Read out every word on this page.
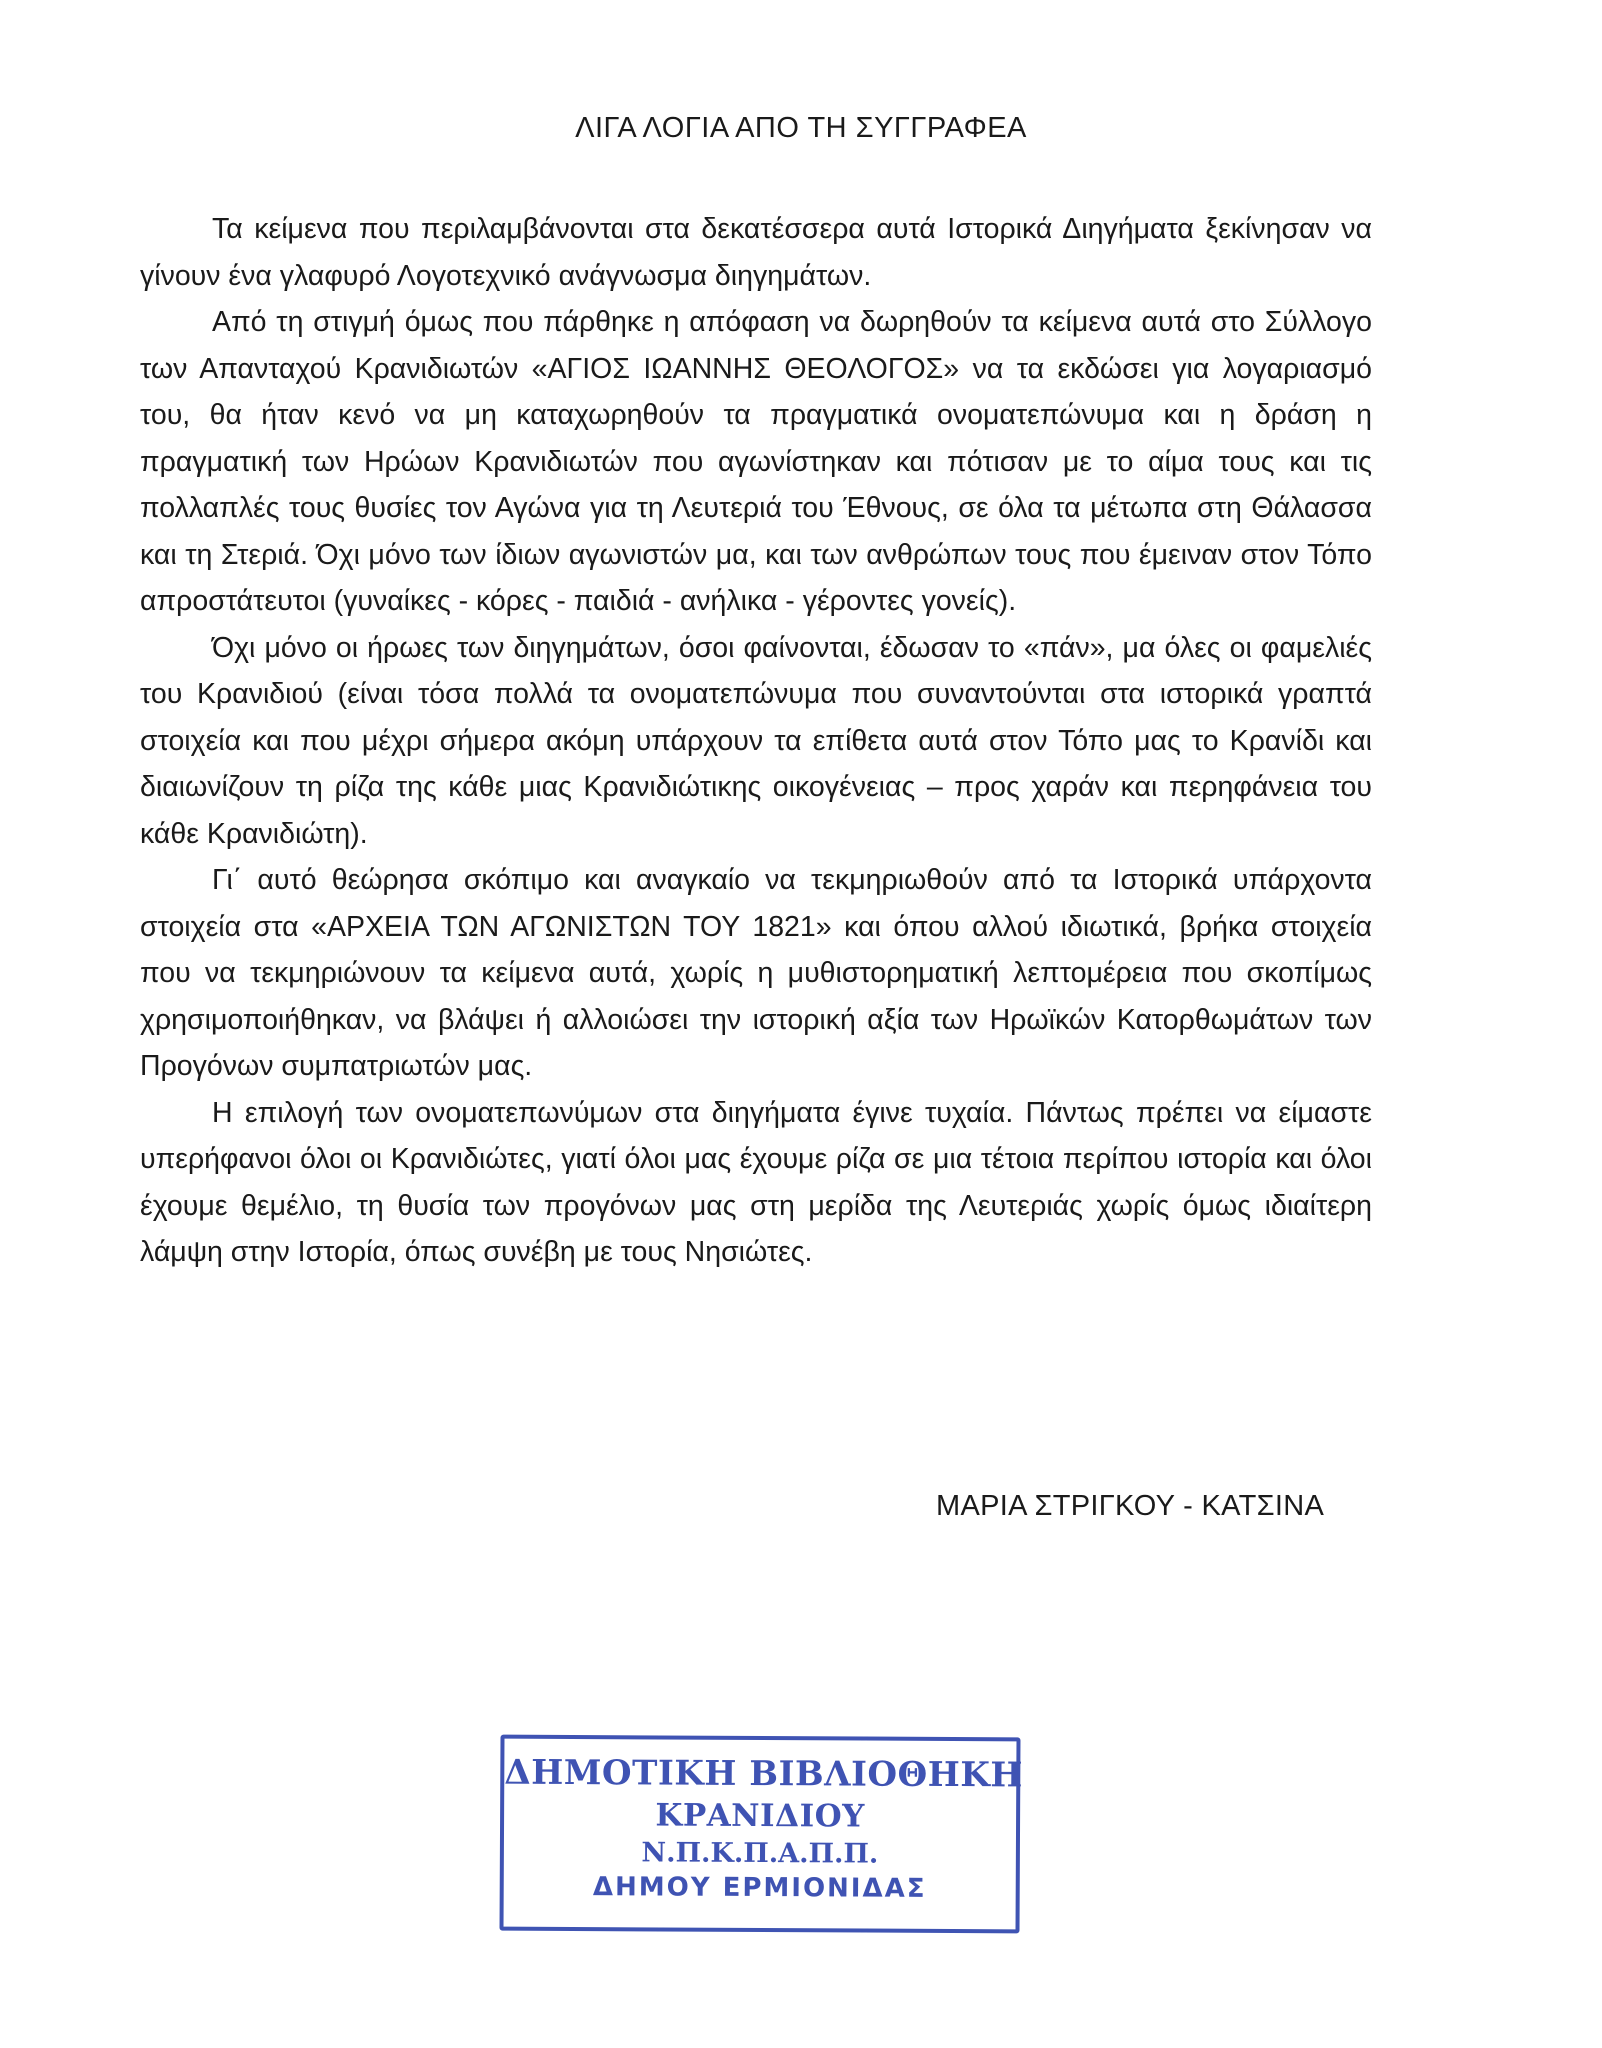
ΛΙΓΑ ΛΟΓΙΑ ΑΠΟ ΤΗ ΣΥΓΓΡΑΦΕΑ

Τα κείμενα που περιλαμβάνονται στα δεκατέσσερα αυτά Ιστορικά Διηγήματα ξεκίνησαν να γίνουν ένα γλαφυρό Λογοτεχνικό ανάγνωσμα διηγημάτων.

Από τη στιγμή όμως που πάρθηκε η απόφαση να δωρηθούν τα κείμενα αυτά στο Σύλλογο των Απανταχού Κρανιδιωτών «ΑΓΙΟΣ ΙΩΑΝΝΗΣ ΘΕΟΛΟΓΟΣ» να τα εκδώσει για λογαριασμό του, θα ήταν κενό να μη καταχωρηθούν τα πραγματικά ονοματεπώνυμα και η δράση η πραγματική των Ηρώων Κρανιδιωτών που αγωνίστηκαν και πότισαν με το αίμα τους και τις πολλαπλές τους θυσίες τον Αγώνα για τη Λευτεριά του Έθνους, σε όλα τα μέτωπα στη Θάλασσα και τη Στεριά. Όχι μόνο των ίδιων αγωνιστών μα, και των ανθρώπων τους που έμειναν στον Τόπο απροστάτευτοι (γυναίκες - κόρες - παιδιά - ανήλικα - γέροντες γονείς).

Όχι μόνο οι ήρωες των διηγημάτων, όσοι φαίνονται, έδωσαν το «πάν», μα όλες οι φαμελιές του Κρανιδιού (είναι τόσα πολλά τα ονοματεπώνυμα που συναντούνται στα ιστορικά γραπτά στοιχεία και που μέχρι σήμερα ακόμη υπάρχουν τα επίθετα αυτά στον Τόπο μας το Κρανίδι και διαιωνίζουν τη ρίζα της κάθε μιας Κρανιδιώτικης οικογένειας – προς χαράν και περηφάνεια του κάθε Κρανιδιώτη).

Γι΄ αυτό θεώρησα σκόπιμο και αναγκαίο να τεκμηριωθούν από τα Ιστορικά υπάρχοντα στοιχεία στα «ΑΡΧΕΙΑ ΤΩΝ ΑΓΩΝΙΣΤΩΝ ΤΟΥ 1821» και όπου αλλού ιδιωτικά, βρήκα στοιχεία που να τεκμηριώνουν τα κείμενα αυτά, χωρίς η μυθιστορηματική λεπτομέρεια που σκοπίμως χρησιμοποιήθηκαν, να βλάψει ή αλλοιώσει την ιστορική αξία των Ηρωϊκών Κατορθωμάτων των Προγόνων συμπατριωτών μας.

Η επιλογή των ονοματεπωνύμων στα διηγήματα έγινε τυχαία. Πάντως πρέπει να είμαστε υπερήφανοι όλοι οι Κρανιδιώτες, γιατί όλοι μας έχουμε ρίζα σε μια τέτοια περίπου ιστορία και όλοι έχουμε θεμέλιο, τη θυσία των προγόνων μας στη μερίδα της Λευτεριάς χωρίς όμως ιδιαίτερη λάμψη στην Ιστορία, όπως συνέβη με τους Νησιώτες.

ΜΑΡΙΑ ΣΤΡΙΓΚΟΥ - ΚΑΤΣΙΝΑ
ΔΗΜΟΤΙΚΗ ΒΙΒΛΙΟΘΗΚΗ
ΚΡΑΝΙΔΙΟΥ
Ν.Π.Κ.Π.Α.Π.Π.
ΔΗΜΟΥ ΕΡΜΙΟΝΙΔΑΣ
